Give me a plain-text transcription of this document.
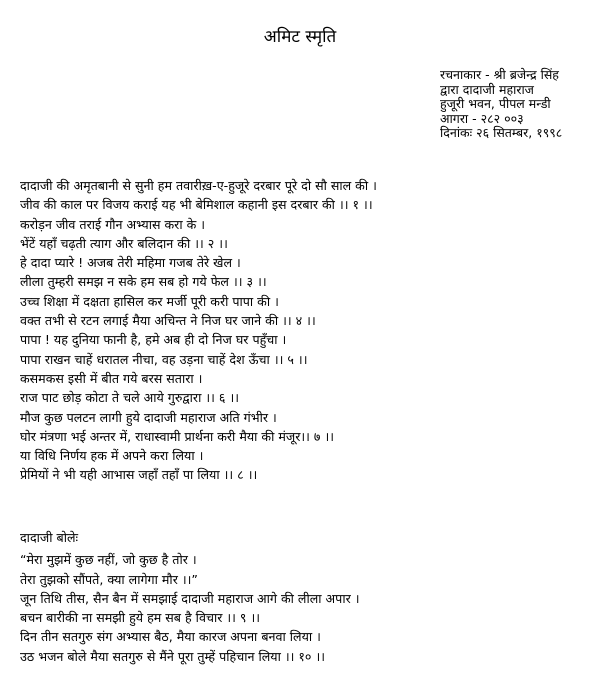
अमिट स्मृति
रचनाकार - श्री ब्रजेन्द्र सिंह
द्वारा दादाजी महाराज
हुजूरी भवन, पीपल मन्डी
आगरा - २८२ ००३
दिनांकः २६ सितम्बर, १९९८
दादाजी की अमृतबानी से सुनी हम तवारीख़-ए-हुजूरे दरबार पूरे दो सौ साल की ।
जीव की काल पर विजय कराई यह भी बेमिशाल कहानी इस दरबार की ।। १ ।।
करोड़न जीव तराई गौन अभ्यास करा के ।
भेंटें यहाँ चढ़ती त्याग और बलिदान की ।। २ ।।
हे दादा प्यारे ! अजब तेरी महिमा गजब तेरे खेल ।
लीला तुम्हरी समझ न सके हम सब हो गये फेल ।। ३ ।।
उच्च शिक्षा में दक्षता हासिल कर मर्जी पूरी करी पापा की ।
वक्त तभी से रटन लगाई मैया अचिन्त ने निज घर जाने की ।। ४ ।।
पापा ! यह दुनिया फानी है, हमे अब ही दो निज घर पहुँचा ।
पापा राखन चाहें धरातल नीचा, वह उड़ना चाहें देश ऊँचा ।। ५ ।।
कसमकस इसी में बीत गये बरस सतारा ।
राज पाट छोड़ कोटा ते चले आये गुरुद्वारा ।। ६ ।।
मौज कुछ पलटन लागी हुये दादाजी महाराज अति गंभीर ।
घोर मंत्रणा भई अन्तर में, राधास्वामी प्रार्थना करी मैया की मंजूर।। ७ ।।
या विधि निर्णय हक में अपने करा लिया ।
प्रेमियों ने भी यही आभास जहाँ तहाँ पा लिया ।। ८ ।।
दादाजी बोलेः
“मेरा मुझमें कुछ नहीं, जो कुछ है तोर ।
तेरा तुझको सौंपते, क्या लागेगा मौर ।।”
जून तिथि तीस, सैन बैन में समझाई दादाजी महाराज आगे की लीला अपार ।
बचन बारीकी ना समझी हुये हम सब है विचार ।। ९ ।।
दिन तीन सतगुरु संग अभ्यास बैठ, मैया कारज अपना बनवा लिया ।
उठ भजन बोले मैया सतगुरु से मैंने पूरा तुम्हें पहिचान लिया ।। १० ।।
